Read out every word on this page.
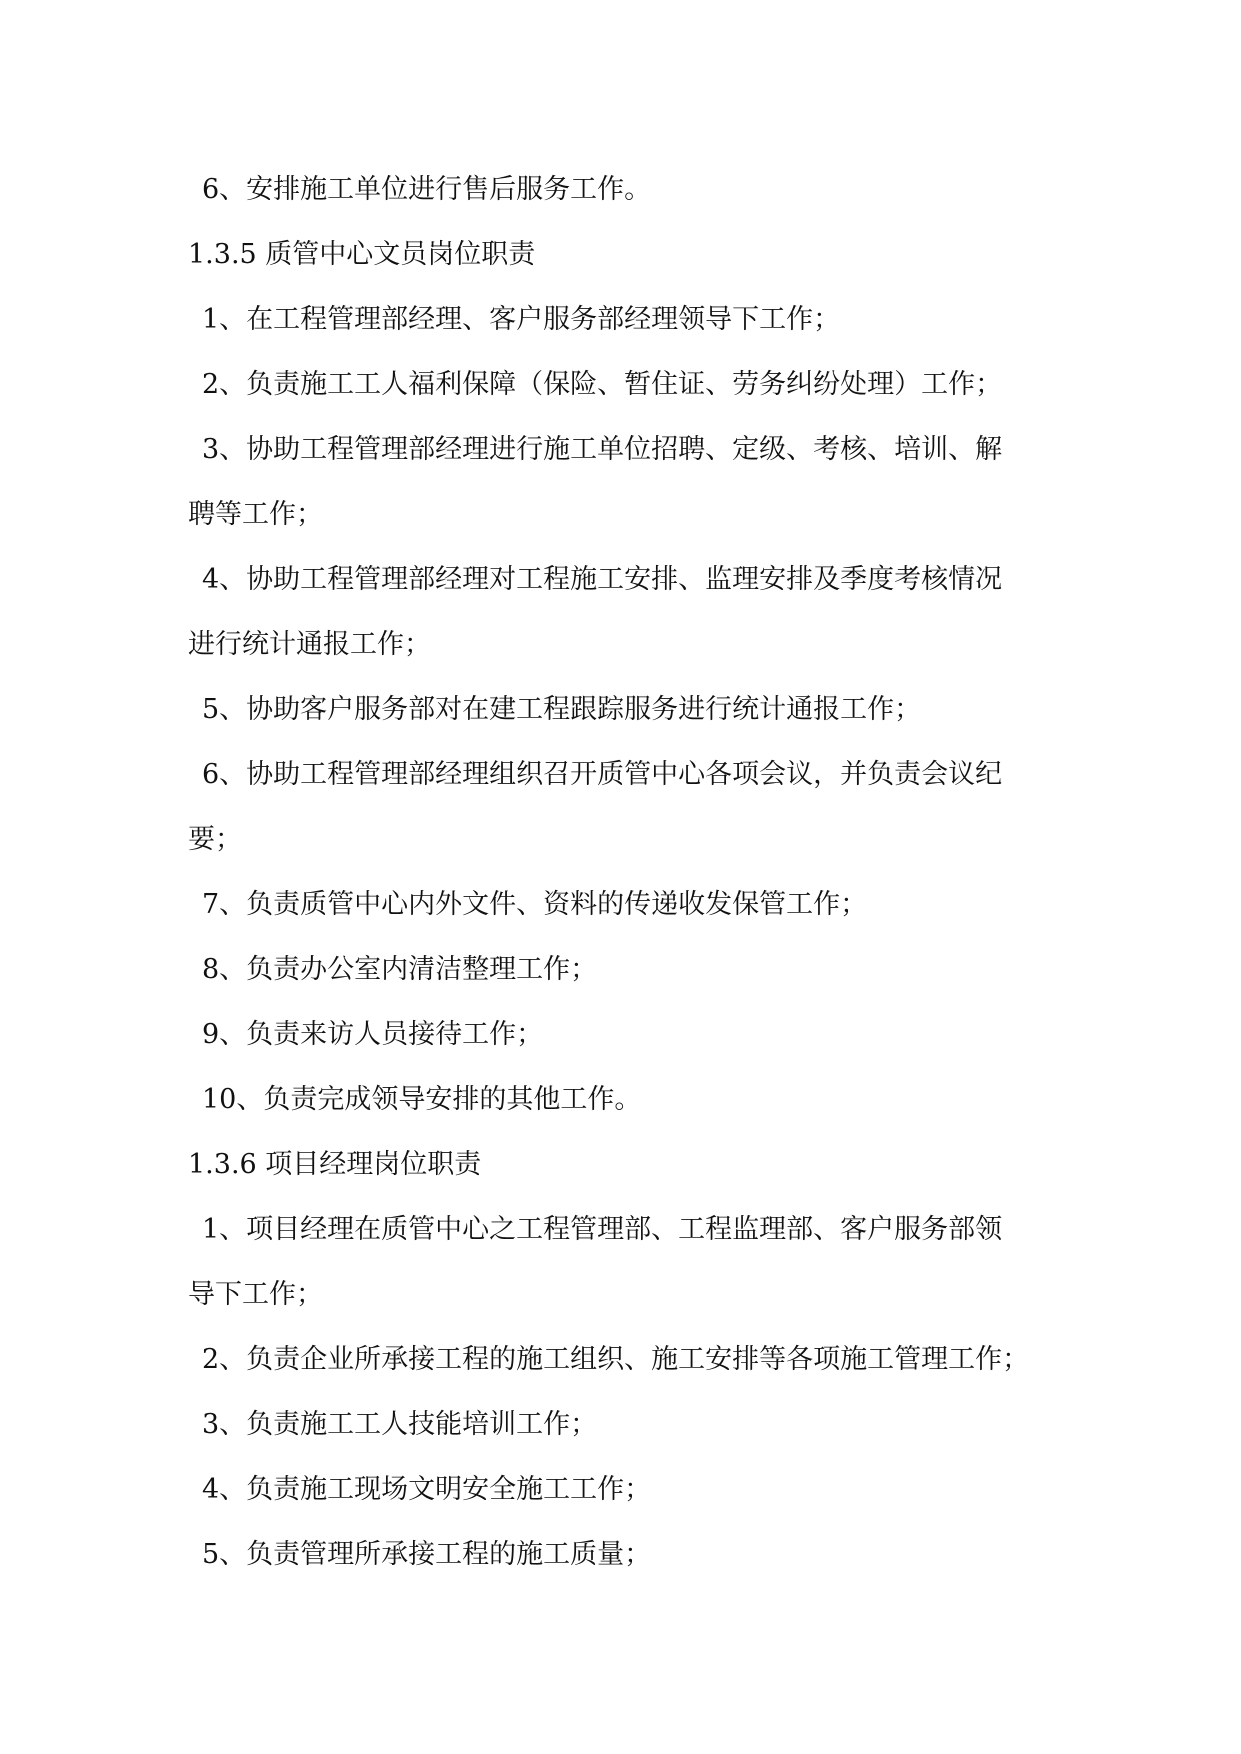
6、安排施工单位进行售后服务工作。
1.3.5 质管中心文员岗位职责
1、在工程管理部经理、客户服务部经理领导下工作；
2、负责施工工人福利保障（保险、暂住证、劳务纠纷处理）工作；
3、协助工程管理部经理进行施工单位招聘、定级、考核、培训、解
聘等工作；
4、协助工程管理部经理对工程施工安排、监理安排及季度考核情况
进行统计通报工作；
5、协助客户服务部对在建工程跟踪服务进行统计通报工作；
6、协助工程管理部经理组织召开质管中心各项会议，并负责会议纪
要；
7、负责质管中心内外文件、资料的传递收发保管工作；
8、负责办公室内清洁整理工作；
9、负责来访人员接待工作；
10、负责完成领导安排的其他工作。
1.3.6 项目经理岗位职责
1、项目经理在质管中心之工程管理部、工程监理部、客户服务部领
导下工作；
2、负责企业所承接工程的施工组织、施工安排等各项施工管理工作；
3、负责施工工人技能培训工作；
4、负责施工现场文明安全施工工作；
5、负责管理所承接工程的施工质量；
